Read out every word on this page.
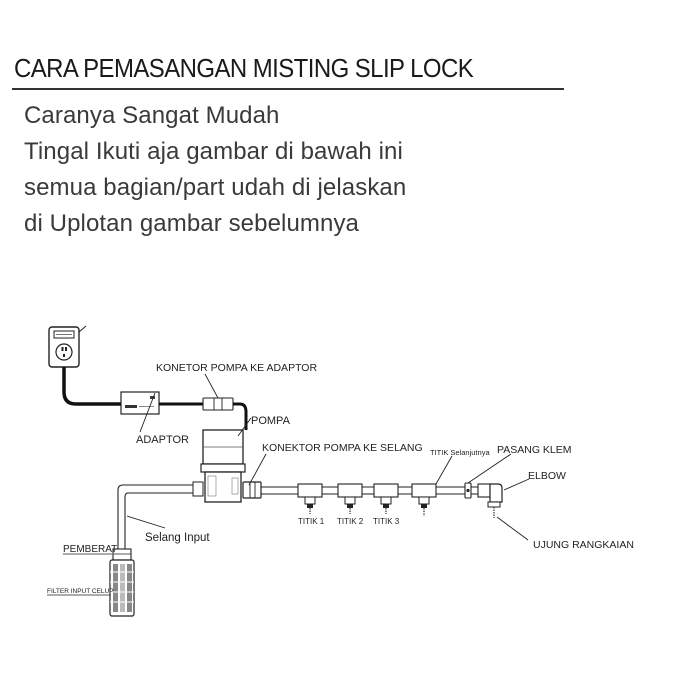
CARA PEMASANGAN MISTING SLIP LOCK
Caranya Sangat Mudah
Tingal Ikuti aja gambar di bawah ini
semua bagian/part udah di jelaskan
di Uplotan gambar sebelumnya
KONETOR POMPA KE ADAPTOR
POMPA
ADAPTOR
KONEKTOR POMPA KE SELANG TITIK Selanjutnya PASANG KLEM
ELBOW
TITIK 1 TITIK 2 TITIK 3
Selang Input
PEMBERAT	UJUNG RANGKAIAN
FILTER INPUT CELUP
